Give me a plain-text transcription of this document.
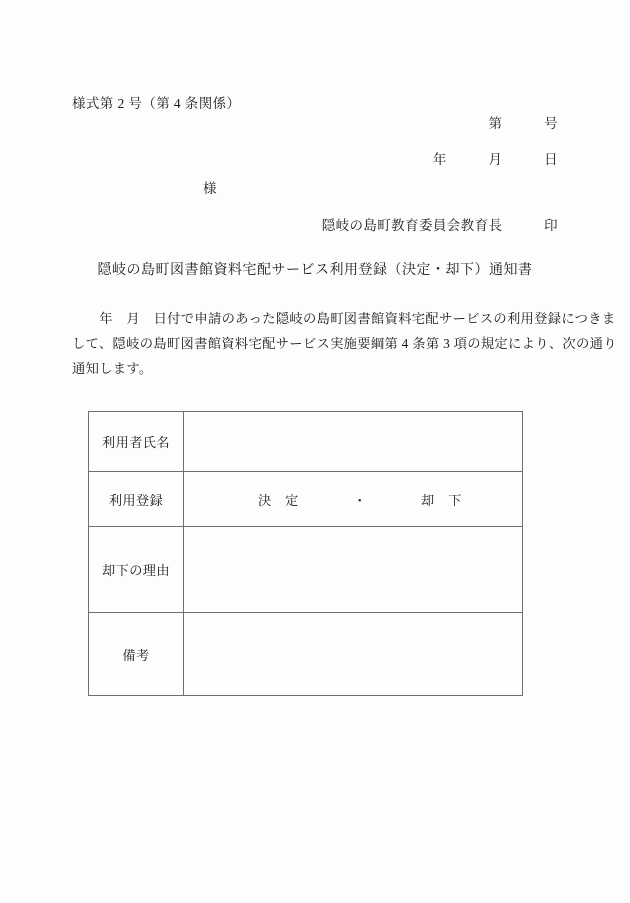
様式第 2 号（第 4 条関係）
第　　　号
年　　　月　　　日
様
隠岐の島町教育委員会教育長　　　印
隠岐の島町図書館資料宅配サービス利用登録（決定・却下）通知書
　　年　月　日付で申請のあった隠岐の島町図書館資料宅配サービスの利用登録につきま
して、隠岐の島町図書館資料宅配サービス実施要綱第 4 条第 3 項の規定により、次の通り
通知します。
利用者氏名	
利用登録	決　定　　　　・　　　　却　下
却下の理由	
備考	
